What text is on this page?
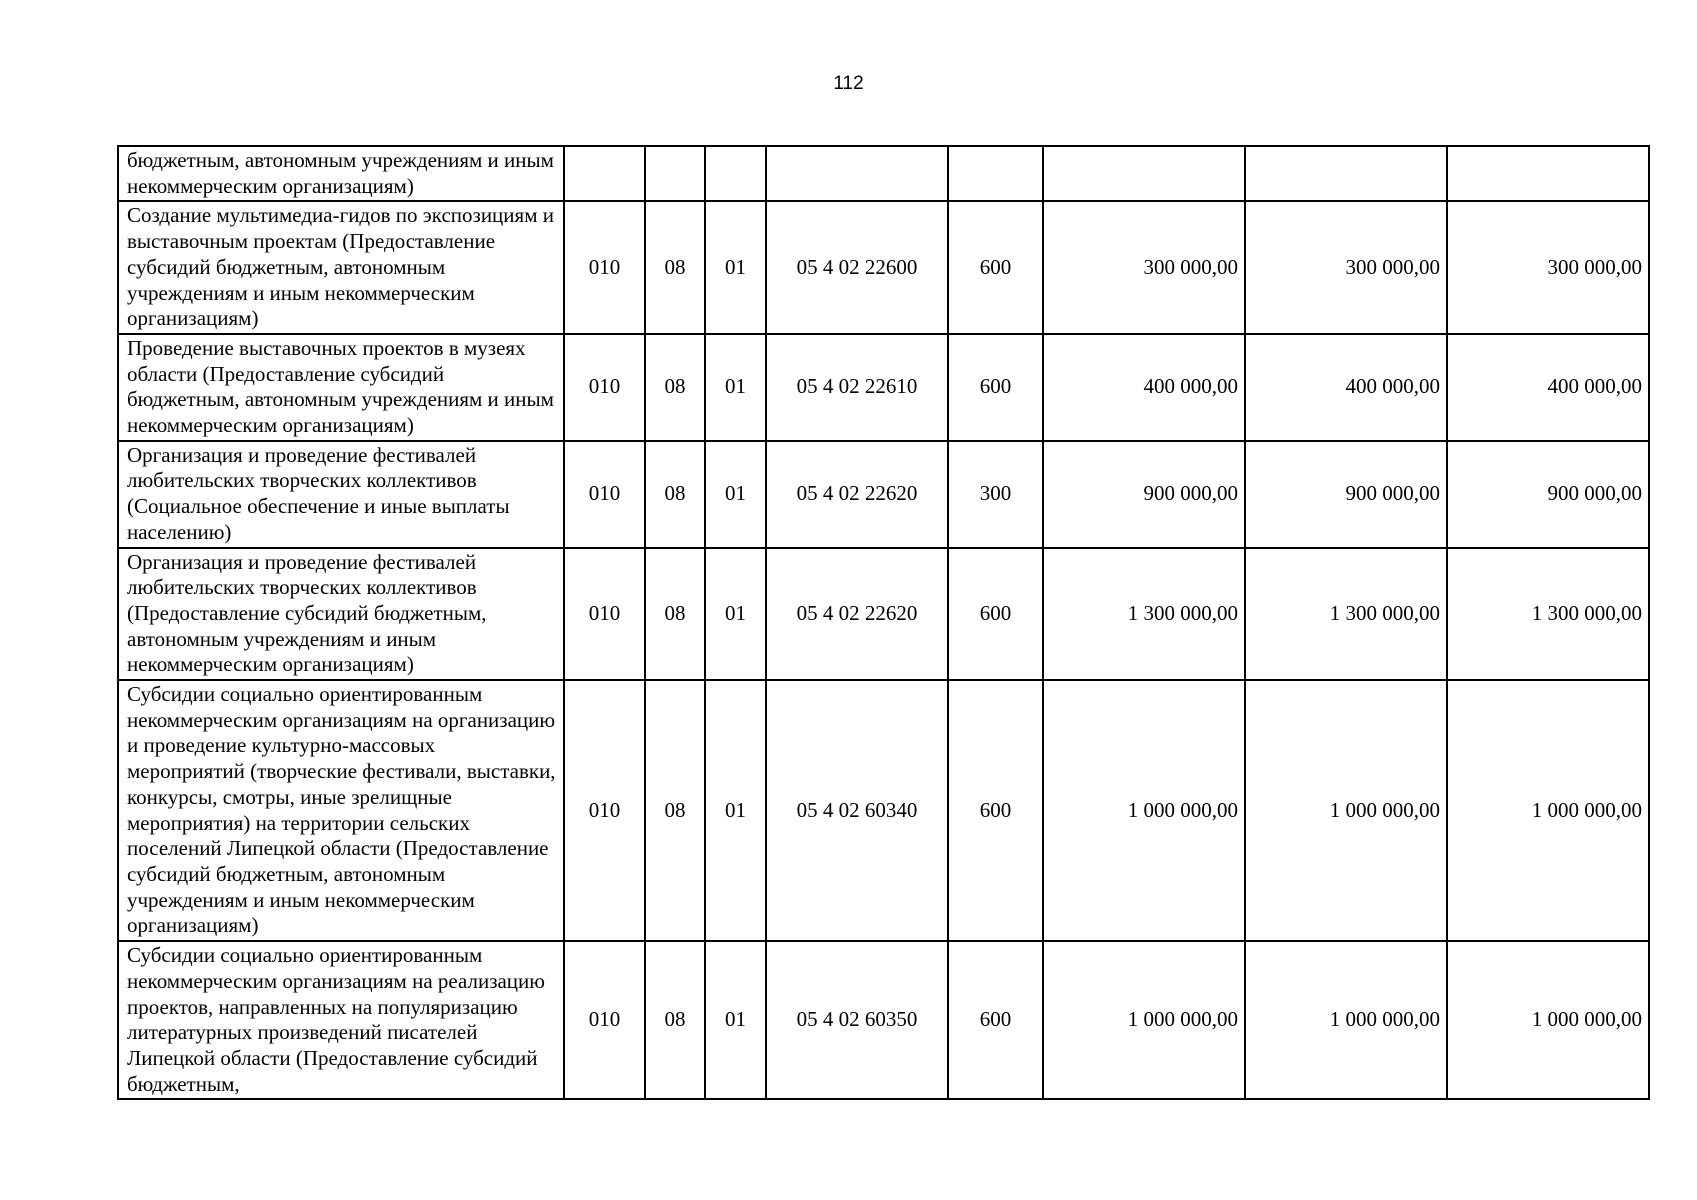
112
бюджетным, автономным учреждениям и иным некоммерческим организациям)								
Создание мультимедиа-гидов по экспозициям и выставочным проектам (Предоставление субсидий бюджетным, автономным учреждениям и иным некоммерческим организациям)	010	08	01	05 4 02 22600	600	300 000,00	300 000,00	300 000,00
Проведение выставочных проектов в музеях области (Предоставление субсидий бюджетным, автономным учреждениям и иным некоммерческим организациям)	010	08	01	05 4 02 22610	600	400 000,00	400 000,00	400 000,00
Организация и проведение фестивалей любительских творческих коллективов (Социальное обеспечение и иные выплаты населению)	010	08	01	05 4 02 22620	300	900 000,00	900 000,00	900 000,00
Организация и проведение фестивалей любительских творческих коллективов (Предоставление субсидий бюджетным, автономным учреждениям и иным некоммерческим организациям)	010	08	01	05 4 02 22620	600	1 300 000,00	1 300 000,00	1 300 000,00
Субсидии социально ориентированным некоммерческим организациям на организацию и проведение культурно-массовых мероприятий (творческие фестивали, выставки, конкурсы, смотры, иные зрелищные мероприятия) на территории сельских поселений Липецкой области (Предоставление субсидий бюджетным, автономным учреждениям и иным некоммерческим организациям)	010	08	01	05 4 02 60340	600	1 000 000,00	1 000 000,00	1 000 000,00
Субсидии социально ориентированным некоммерческим организациям на реализацию проектов, направленных на популяризацию литературных произведений писателей Липецкой области (Предоставление субсидий бюджетным,	010	08	01	05 4 02 60350	600	1 000 000,00	1 000 000,00	1 000 000,00
